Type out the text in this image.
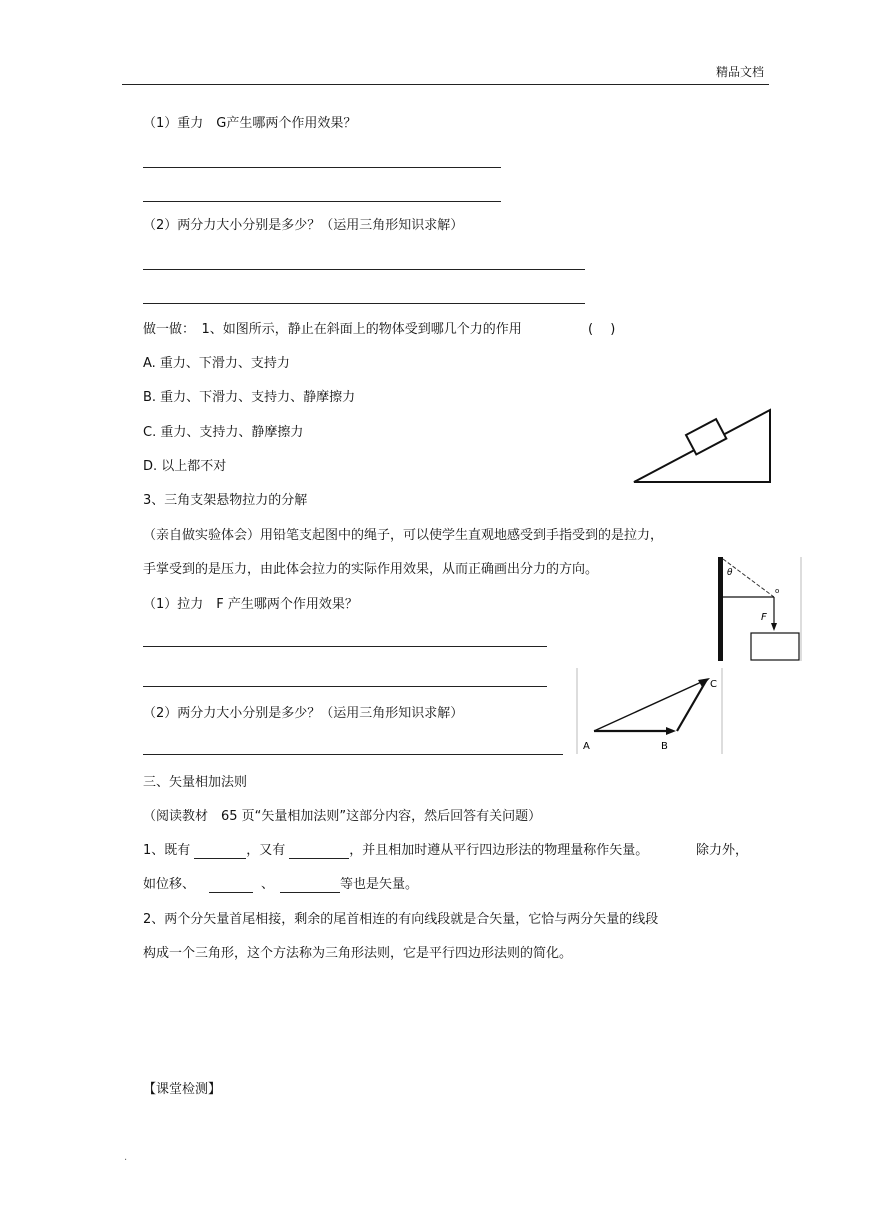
精品文档
（1）重力　G产生哪两个作用效果？
（2）两分力大小分别是多少？（运用三角形知识求解）
做一做：　1、如图所示，静止在斜面上的物体受到哪几个力的作用	(　 )
A. 重力、下滑力、支持力
B. 重力、下滑力、支持力、静摩擦力
C. 重力、支持力、静摩擦力
D. 以上都不对
3、三角支架悬物拉力的分解
（亲自做实验体会）用铅笔支起图中的绳子，可以使学生直观地感受到手指受到的是拉力，
手掌受到的是压力，由此体会拉力的实际作用效果，从而正确画出分力的方向。	θ
o
F
（1）拉力　F 产生哪两个作用效果？
（2）两分力大小分别是多少？（运用三角形知识求解）
A	B
C
三、矢量相加法则
（阅读教材　65 页“矢量相加法则”这部分内容，然后回答有关问题）
1、既有	，又有	，并且相加时遵从平行四边形法的物理量称作矢量。	除力外，
如位移、	、	等也是矢量。
2、两个分矢量首尾相接，剩余的尾首相连的有向线段就是合矢量，它恰与两分矢量的线段
构成一个三角形，这个方法称为三角形法则，它是平行四边形法则的简化。
【课堂检测】
.
